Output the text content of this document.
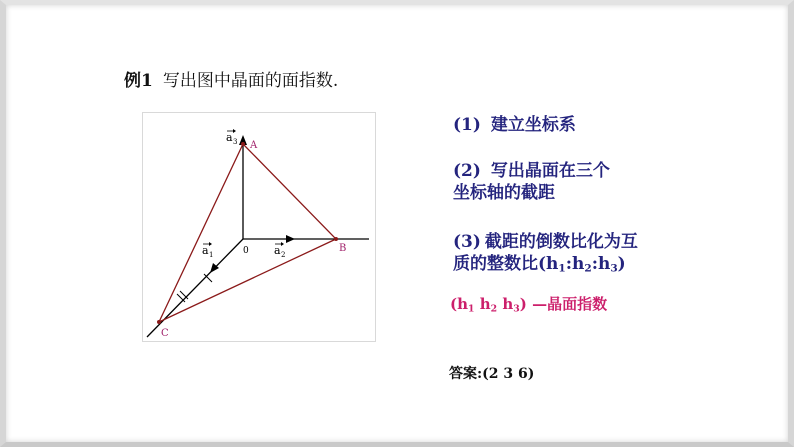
例1 写出图中晶面的面指数.
A
B
C
0
a 3
a 2
a 1
(1) 建立坐标系
(2) 写出晶面在三个
坐标轴的截距
(3) 截距的倒数比化为互
质的整数比$(h_1:h_2:h_3)$
($h_1$ $h_2$ $h_3$) —晶面指数
答案:(2 3 6)
